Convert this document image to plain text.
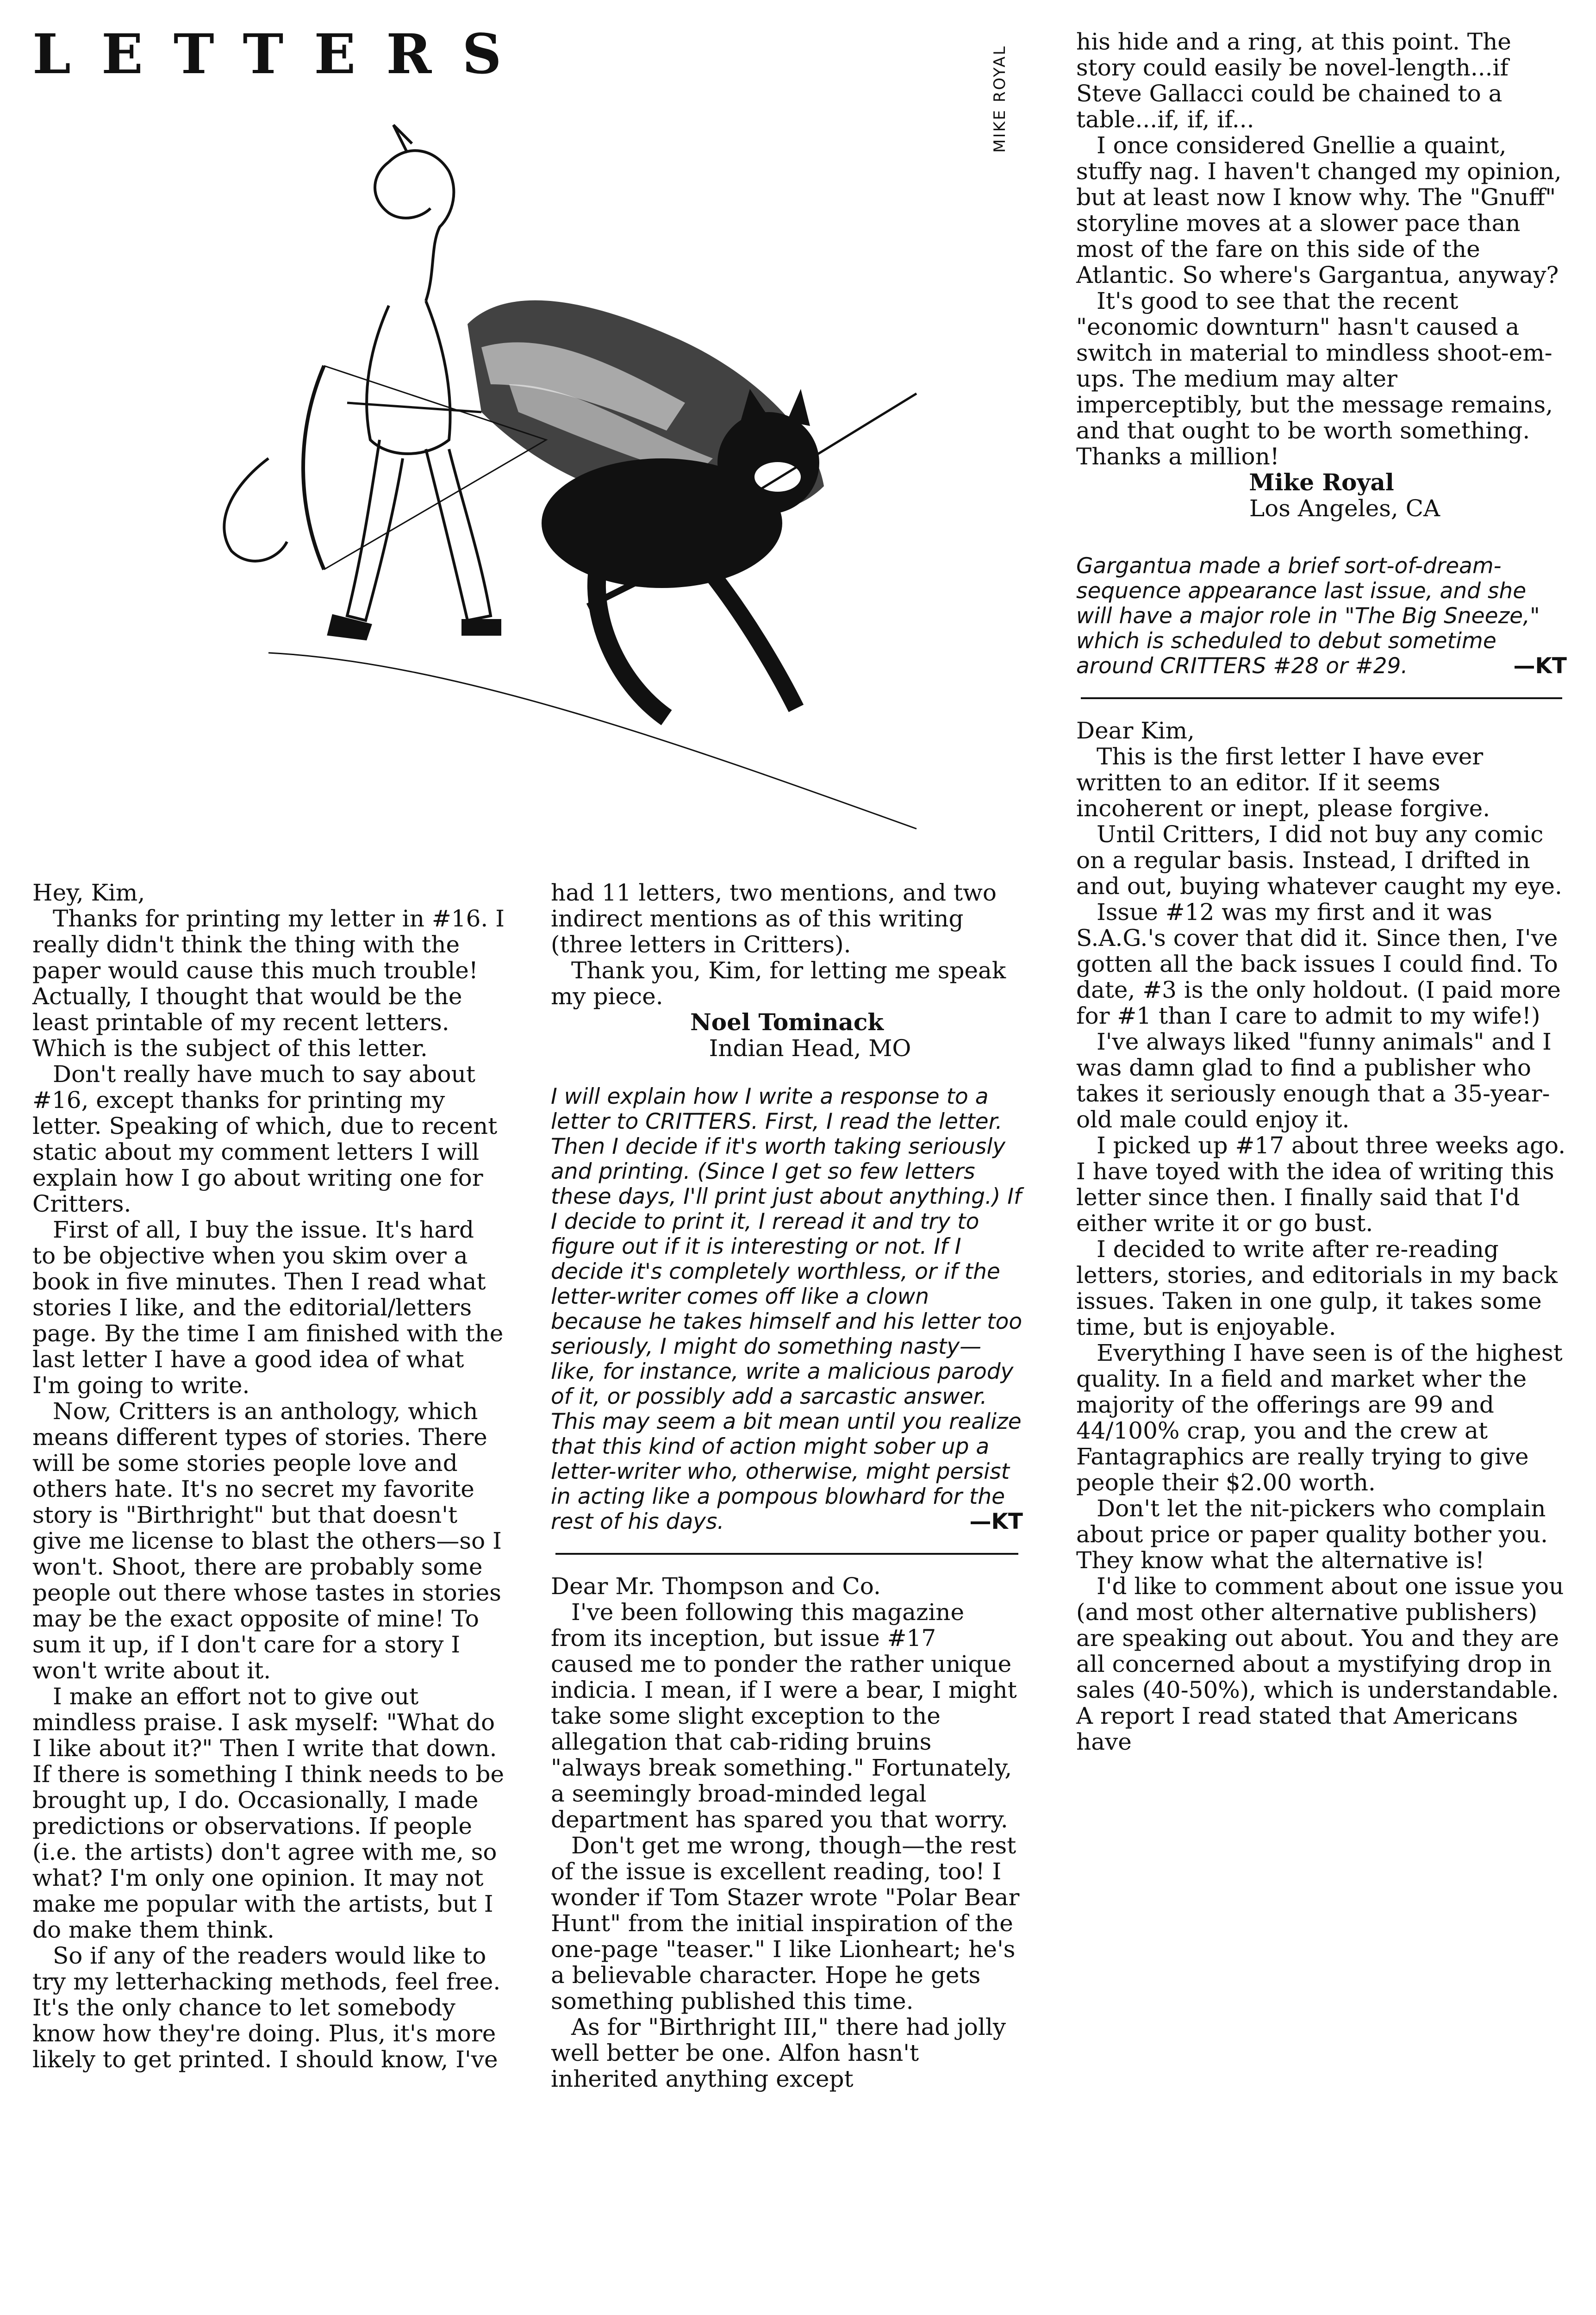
LETTERS	MIKE ROYAL

Hey, Kim,

Thanks for printing my letter in #16. I really didn't think the thing with the paper would cause this much trouble! Actually, I thought that would be the least printable of my recent letters. Which is the subject of this letter.

Don't really have much to say about #16, except thanks for printing my letter. Speaking of which, due to recent static about my comment letters I will explain how I go about writing one for Critters.

First of all, I buy the issue. It's hard to be objective when you skim over a book in five minutes. Then I read what stories I like, and the editorial/letters page. By the time I am finished with the last letter I have a good idea of what I'm going to write.

Now, Critters is an anthology, which means different types of stories. There will be some stories people love and others hate. It's no secret my favorite story is "Birthright" but that doesn't give me license to blast the others—so I won't. Shoot, there are probably some people out there whose tastes in stories may be the exact opposite of mine! To sum it up, if I don't care for a story I won't write about it.

I make an effort not to give out mindless praise. I ask myself: "What do I like about it?" Then I write that down. If there is something I think needs to be brought up, I do. Occasionally, I made predictions or observations. If people (i.e. the artists) don't agree with me, so what? I'm only one opinion. It may not make me popular with the artists, but I do make them think.

So if any of the readers would like to try my letterhacking methods, feel free. It's the only chance to let somebody know how they're doing. Plus, it's more likely to get printed. I should know, I've

had 11 letters, two mentions, and two indirect mentions as of this writing (three letters in Critters).

Thank you, Kim, for letting me speak my piece.

Noel Tominack

Indian Head, MO

I will explain how I write a response to a letter to CRITTERS. First, I read the letter. Then I decide if it's worth taking seriously and printing. (Since I get so few letters these days, I'll print just about anything.) If I decide to print it, I reread it and try to figure out if it is interesting or not. If I decide it's completely worthless, or if the letter-writer comes off like a clown because he takes himself and his letter too seriously, I might do something nasty—like, for instance, write a malicious parody of it, or possibly add a sarcastic answer. This may seem a bit mean until you realize that this kind of action might sober up a letter-writer who, otherwise, might persist in acting like a pompous blowhard for the rest of his days.	—KT

Dear Mr. Thompson and Co.

I've been following this magazine from its inception, but issue #17 caused me to ponder the rather unique indicia. I mean, if I were a bear, I might take some slight exception to the allegation that cab-riding bruins "always break something." Fortunately, a seemingly broad-minded legal department has spared you that worry.

Don't get me wrong, though—the rest of the issue is excellent reading, too! I wonder if Tom Stazer wrote "Polar Bear Hunt" from the initial inspiration of the one-page "teaser." I like Lionheart; he's a believable character. Hope he gets something published this time.

As for "Birthright III," there had jolly well better be one. Alfon hasn't inherited anything except

his hide and a ring, at this point. The story could easily be novel-length...if Steve Gallacci could be chained to a table...if, if, if...

I once considered Gnellie a quaint, stuffy nag. I haven't changed my opinion, but at least now I know why. The "Gnuff" storyline moves at a slower pace than most of the fare on this side of the Atlantic. So where's Gargantua, anyway?

It's good to see that the recent "economic downturn" hasn't caused a switch in material to mindless shoot-em-ups. The medium may alter imperceptibly, but the message remains, and that ought to be worth something. Thanks a million!

Mike Royal

Los Angeles, CA

Gargantua made a brief sort-of-dream-sequence appearance last issue, and she will have a major role in "The Big Sneeze," which is scheduled to debut sometime around CRITTERS #28 or #29.	—KT

Dear Kim,

This is the first letter I have ever written to an editor. If it seems incoherent or inept, please forgive.

Until Critters, I did not buy any comic on a regular basis. Instead, I drifted in and out, buying whatever caught my eye.

Issue #12 was my first and it was S.A.G.'s cover that did it. Since then, I've gotten all the back issues I could find. To date, #3 is the only holdout. (I paid more for #1 than I care to admit to my wife!)

I've always liked "funny animals" and I was damn glad to find a publisher who takes it seriously enough that a 35-year-old male could enjoy it.

I picked up #17 about three weeks ago. I have toyed with the idea of writing this letter since then. I finally said that I'd either write it or go bust.

I decided to write after re-reading letters, stories, and editorials in my back issues. Taken in one gulp, it takes some time, but is enjoyable.

Everything I have seen is of the highest quality. In a field and market wher the majority of the offerings are 99 and 44/100% crap, you and the crew at Fantagraphics are really trying to give people their $2.00 worth.

Don't let the nit-pickers who complain about price or paper quality bother you. They know what the alternative is!

I'd like to comment about one issue you (and most other alternative publishers) are speaking out about. You and they are all concerned about a mystifying drop in sales (40-50%), which is understandable. A report I read stated that Americans have
